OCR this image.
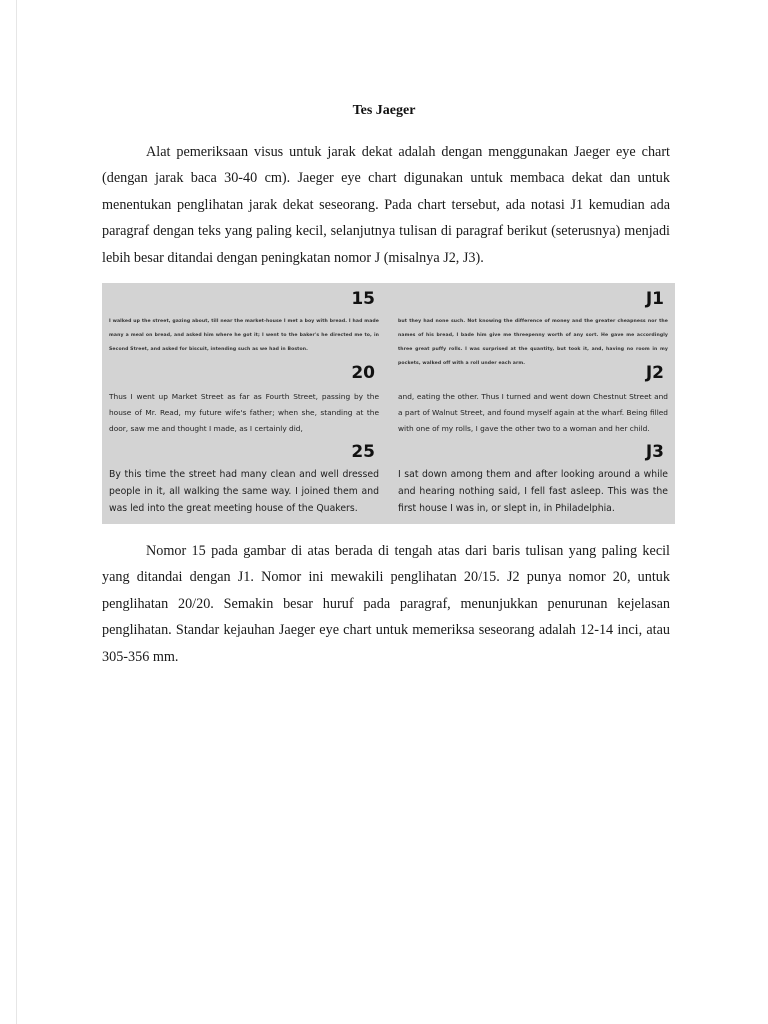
Tes Jaeger

Alat pemeriksaan visus untuk jarak dekat adalah dengan menggunakan Jaeger eye chart (dengan jarak baca 30-40 cm). Jaeger eye chart digunakan untuk membaca dekat dan untuk menentukan penglihatan jarak dekat seseorang. Pada chart tersebut, ada notasi J1 kemudian ada paragraf dengan teks yang paling kecil, selanjutnya tulisan di paragraf berikut (seterusnya) menjadi lebih besar ditandai dengan peningkatan nomor J (misalnya J2, J3).

15
I walked up the street, gazing about, till near the market-house I met a boy with bread. I had made many a meal on bread, and asked him where he got it; I went to the baker's he directed me to, in Second Street, and asked for biscuit, intending such as we had in Boston.
J1
but they had none such. Not knowing the difference of money and the greater cheapness nor the names of his bread, I bade him give me threepenny worth of any sort. He gave me accordingly three great puffy rolls. I was surprised at the quantity, but took it, and, having no room in my pockets, walked off with a roll under each arm.
20
Thus I went up Market Street as far as Fourth Street, passing by the house of Mr. Read, my future wife's father; when she, standing at the door, saw me and thought I made, as I certainly did,
J2
and, eating the other. Thus I turned and went down Chestnut Street and a part of Walnut Street, and found myself again at the wharf. Being filled with one of my rolls, I gave the other two to a woman and her child.
25
By this time the street had many clean and well dressed people in it, all walking the same way. I joined them and was led into the great meeting house of the Quakers.
J3
I sat down among them and after looking around a while and hearing nothing said, I fell fast asleep. This was the first house I was in, or slept in, in Philadelphia.

Nomor 15 pada gambar di atas berada di tengah atas dari baris tulisan yang paling kecil yang ditandai dengan J1. Nomor ini mewakili penglihatan 20/15. J2 punya nomor 20, untuk penglihatan 20/20. Semakin besar huruf pada paragraf, menunjukkan penurunan kejelasan penglihatan. Standar kejauhan Jaeger eye chart untuk memeriksa seseorang adalah 12-14 inci, atau 305-356 mm.
